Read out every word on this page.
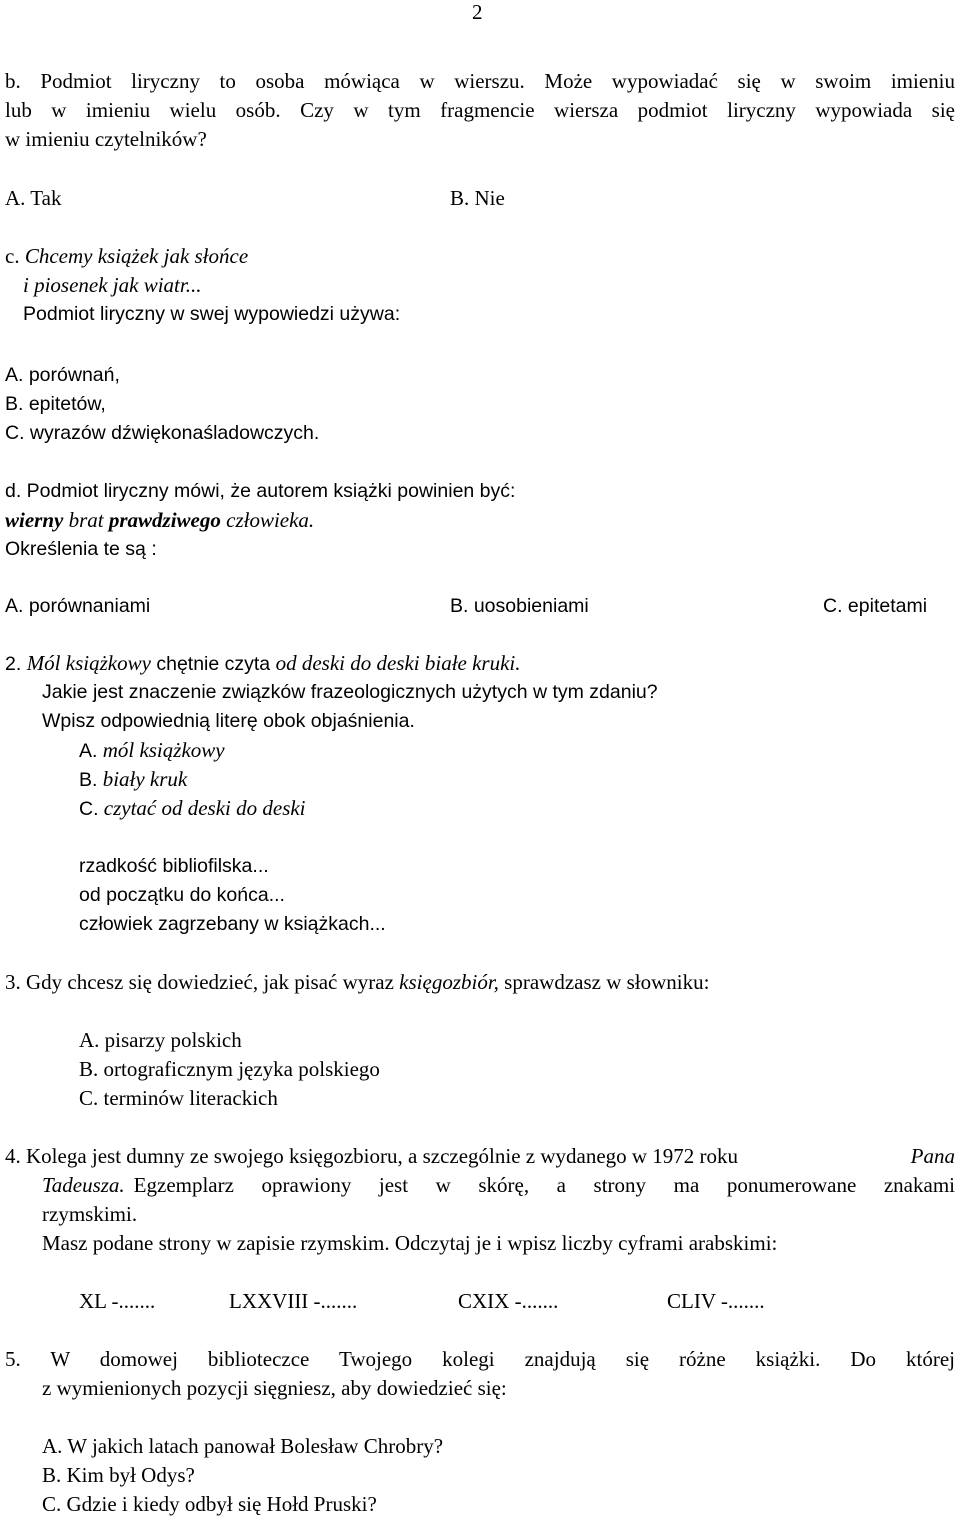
2
b. Podmiot liryczny to osoba mówiąca w wierszu. Może wypowiadać się w swoim imieniu
lub w imieniu wielu osób. Czy w tym fragmencie wiersza podmiot liryczny wypowiada się
w imieniu czytelników?
A. Tak	B. Nie
c. Chcemy książek jak słońce
i piosenek jak wiatr...
Podmiot liryczny w swej wypowiedzi używa:
A. porównań,
B. epitetów,
C. wyrazów dźwiękonaśladowczych.
d. Podmiot liryczny mówi, że autorem książki powinien być:
wierny brat prawdziwego człowieka.
Określenia te są :
A. porównaniami	B. uosobieniami	C. epitetami
2. Mól książkowy chętnie czyta od deski do deski białe kruki.
Jakie jest znaczenie związków frazeologicznych użytych w tym zdaniu?
Wpisz odpowiednią literę obok objaśnienia.
A. mól książkowy
B. biały kruk
C. czytać od deski do deski
rzadkość bibliofilska...
od początku do końca...
człowiek zagrzebany w książkach...
3. Gdy chcesz się dowiedzieć, jak pisać wyraz księgozbiór, sprawdzasz w słowniku:
A. pisarzy polskich
B. ortograficznym języka polskiego
C. terminów literackich
4. Kolega jest dumny ze swojego księgozbioru, a szczególnie z wydanego w 1972 roku	Pana
Tadeusza. Egzemplarz oprawiony jest w skórę, a strony ma ponumerowane znakami
rzymskimi.
Masz podane strony w zapisie rzymskim. Odczytaj je i wpisz liczby cyframi arabskimi:
XL -.......	LXXVIII -.......	CXIX -.......	CLIV -.......
5. W domowej biblioteczce Twojego kolegi znajdują się różne książki. Do której
z wymienionych pozycji sięgniesz, aby dowiedzieć się:
A. W jakich latach panował Bolesław Chrobry?
B. Kim był Odys?
C. Gdzie i kiedy odbył się Hołd Pruski?
